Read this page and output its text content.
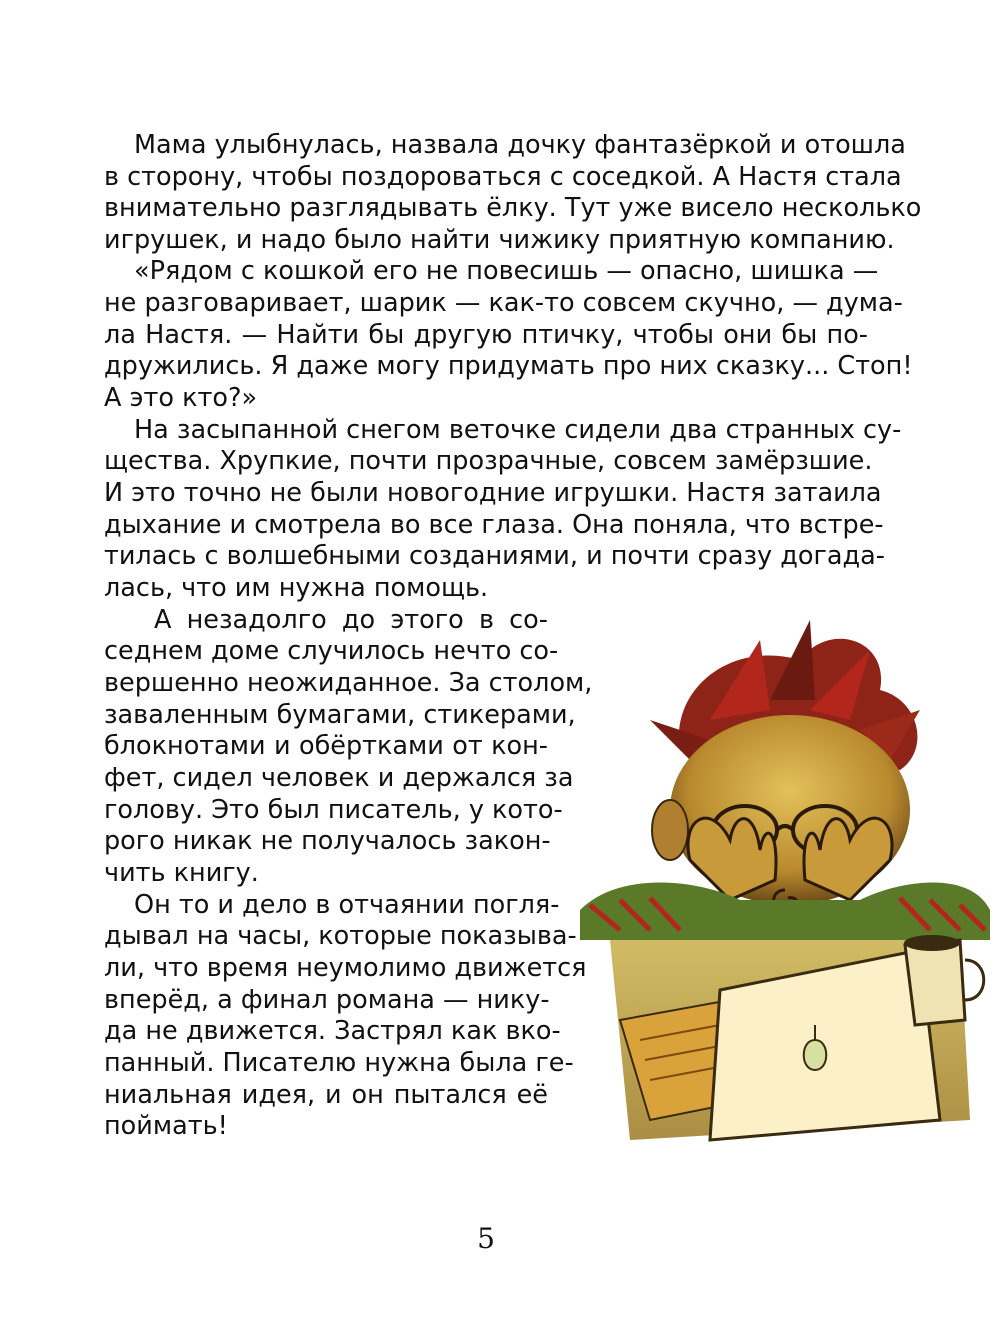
Мама улыбнулась, назвала дочку фантазёркой и отошла
в сторону, чтобы поздороваться с соседкой. А Настя стала
внимательно разглядывать ёлку. Тут уже висело несколько
игрушек, и надо было найти чижику приятную компанию.
«Рядом с кошкой его не повесишь — опасно, шишка —
не разговаривает, шарик — как-то совсем скучно, — дума-
ла Настя. — Найти бы другую птичку, чтобы они бы по-
дружились. Я даже могу придумать про них сказку... Стоп!
А это кто?»
На засыпанной снегом веточке сидели два странных су-
щества. Хрупкие, почти прозрачные, совсем замёрзшие.
И это точно не были новогодние игрушки. Настя затаила
дыхание и смотрела во все глаза. Она поняла, что встре-
тилась с волшебными созданиями, и почти сразу догада-
лась, что им нужна помощь.
А незадолго до этого в со-
седнем доме случилось нечто со-
вершенно неожиданное. За столом,
заваленным бумагами, стикерами,
блокнотами и обёртками от кон-
фет, сидел человек и держался за
голову. Это был писатель, у кото-
рого никак не получалось закон-
чить книгу.
Он то и дело в отчаянии погля-
дывал на часы, которые показыва-
ли, что время неумолимо движется
вперёд, а финал романа — нику-
да не движется. Застрял как вко-
панный. Писателю нужна была ге-
ниальная идея, и он пытался её
поймать!
5
